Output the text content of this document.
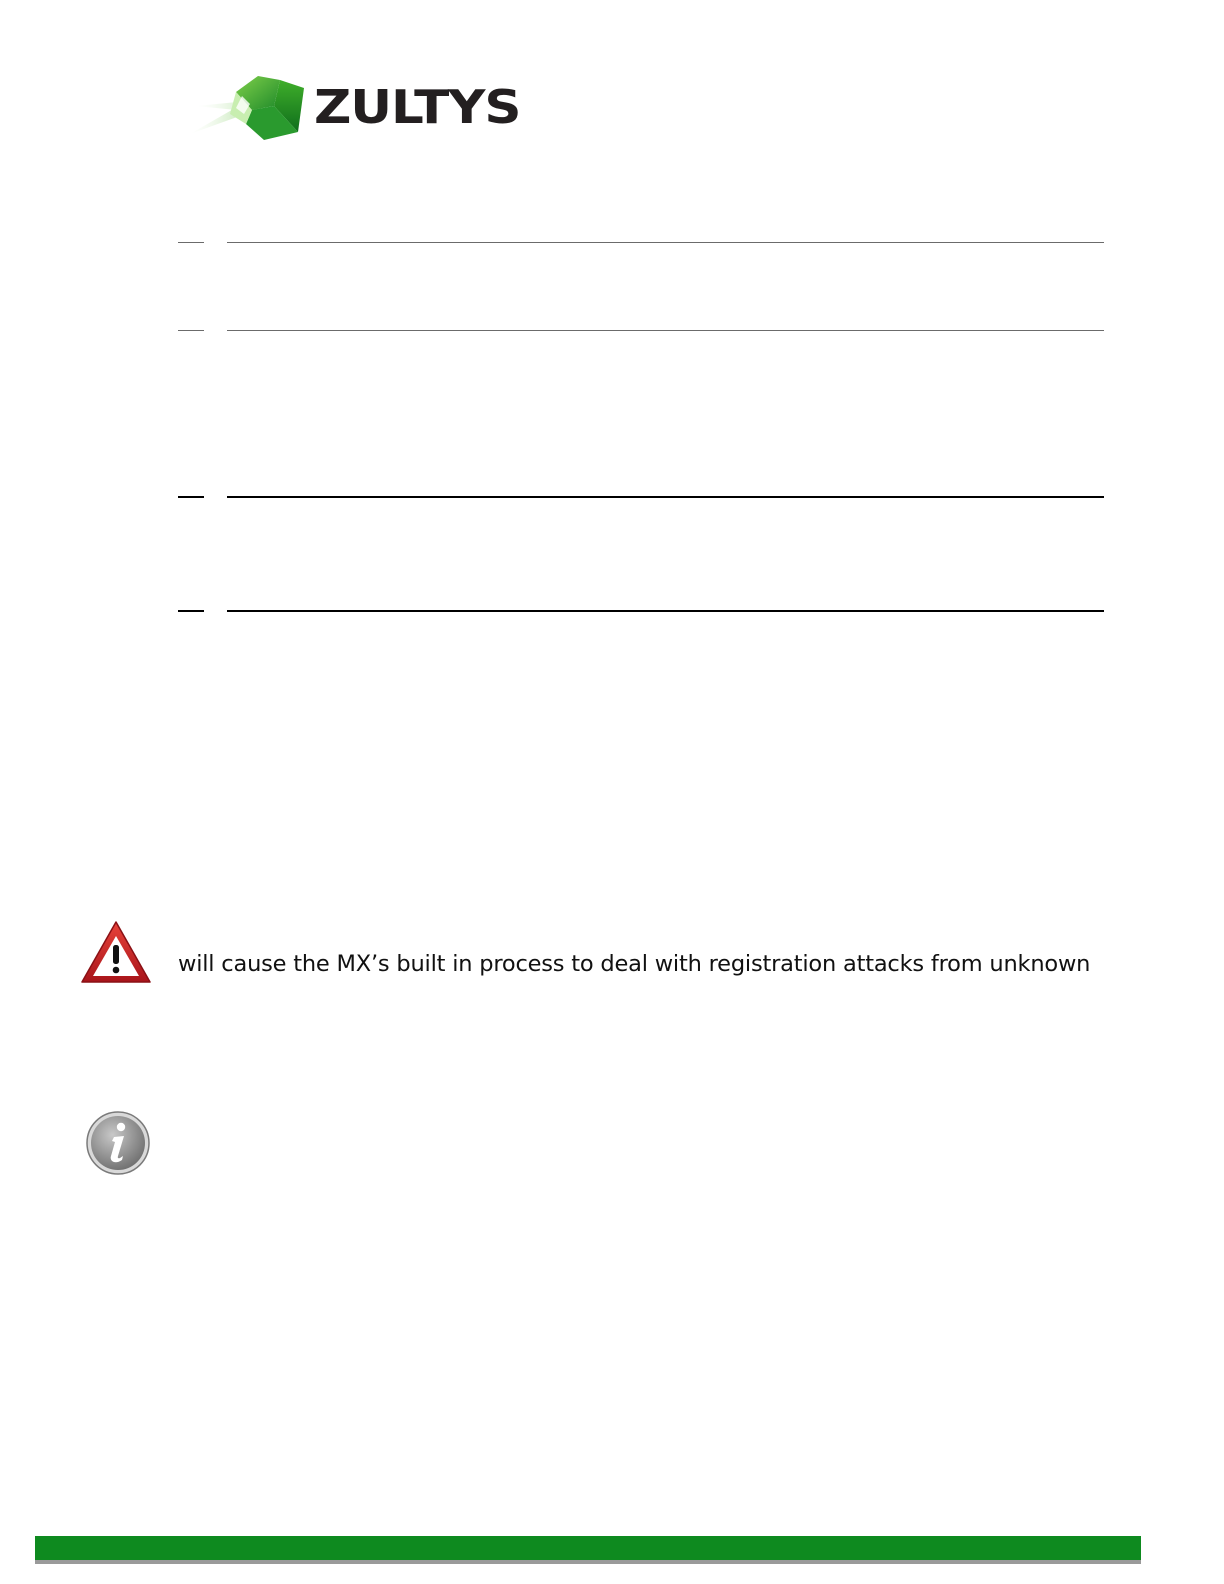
ZULTYS
will cause the MX’s built in process to deal with registration attacks from unknown
